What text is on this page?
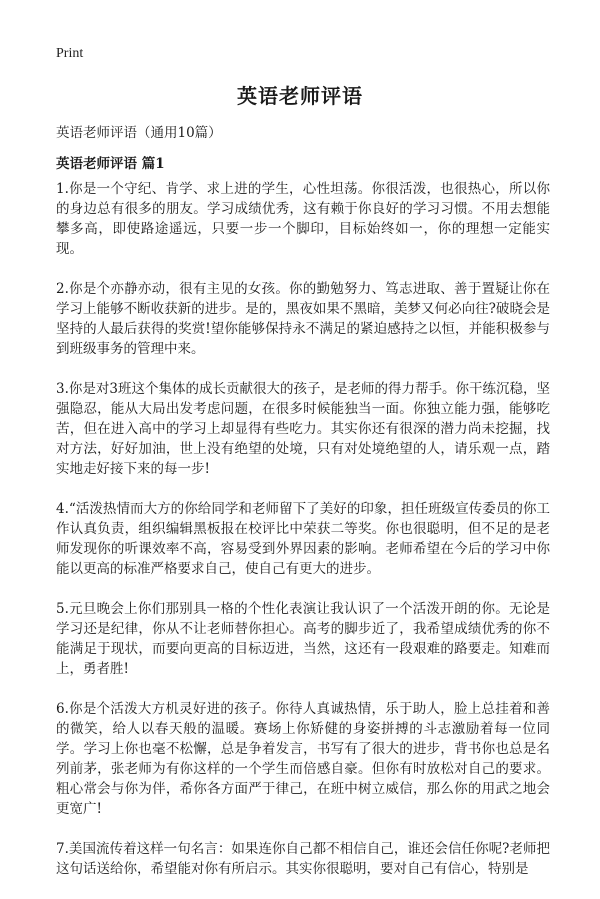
Print
英语老师评语
英语老师评语（通用10篇）
英语老师评语 篇1

1.你是一个守纪、肯学、求上进的学生，心性坦荡。你很活泼，也很热心，所以你的身边总有很多的朋友。学习成绩优秀，这有赖于你良好的学习习惯。不用去想能攀多高，即使路途遥远，只要一步一个脚印，目标始终如一，你的理想一定能实现。

2.你是个亦静亦动，很有主见的女孩。你的勤勉努力、笃志进取、善于置疑让你在学习上能够不断收获新的进步。是的，黑夜如果不黑暗，美梦又何必向往?破晓会是坚持的人最后获得的奖赏!望你能够保持永不满足的紧迫感持之以恒，并能积极参与到班级事务的管理中来。

3.你是对3班这个集体的成长贡献很大的孩子，是老师的得力帮手。你干练沉稳，坚强隐忍，能从大局出发考虑问题，在很多时候能独当一面。你独立能力强，能够吃苦，但在进入高中的学习上却显得有些吃力。其实你还有很深的潜力尚未挖掘，找对方法，好好加油，世上没有绝望的处境，只有对处境绝望的人，请乐观一点，踏实地走好接下来的每一步!

4.“活泼热情而大方的你给同学和老师留下了美好的印象，担任班级宣传委员的你工作认真负责，组织编辑黑板报在校评比中荣获二等奖。你也很聪明，但不足的是老师发现你的听课效率不高，容易受到外界因素的影响。老师希望在今后的学习中你能以更高的标准严格要求自己，使自己有更大的进步。

5.元旦晚会上你们那别具一格的个性化表演让我认识了一个活泼开朗的你。无论是学习还是纪律，你从不让老师替你担心。高考的脚步近了，我希望成绩优秀的你不能满足于现状，而要向更高的目标迈进，当然，这还有一段艰难的路要走。知难而上，勇者胜!

6.你是个活泼大方机灵好进的孩子。你待人真诚热情，乐于助人，脸上总挂着和善的微笑，给人以春天般的温暖。赛场上你矫健的身姿拼搏的斗志激励着每一位同学。学习上你也毫不松懈，总是争着发言，书写有了很大的进步，背书你也总是名列前茅，张老师为有你这样的一个学生而倍感自豪。但你有时放松对自己的要求。粗心常会与你为伴，希你各方面严于律己，在班中树立威信，那么你的用武之地会更宽广!

7.美国流传着这样一句名言：如果连你自己都不相信自己，谁还会信任你呢?老师把这句话送给你，希望能对你有所启示。其实你很聪明，要对自己有信心，特别是
